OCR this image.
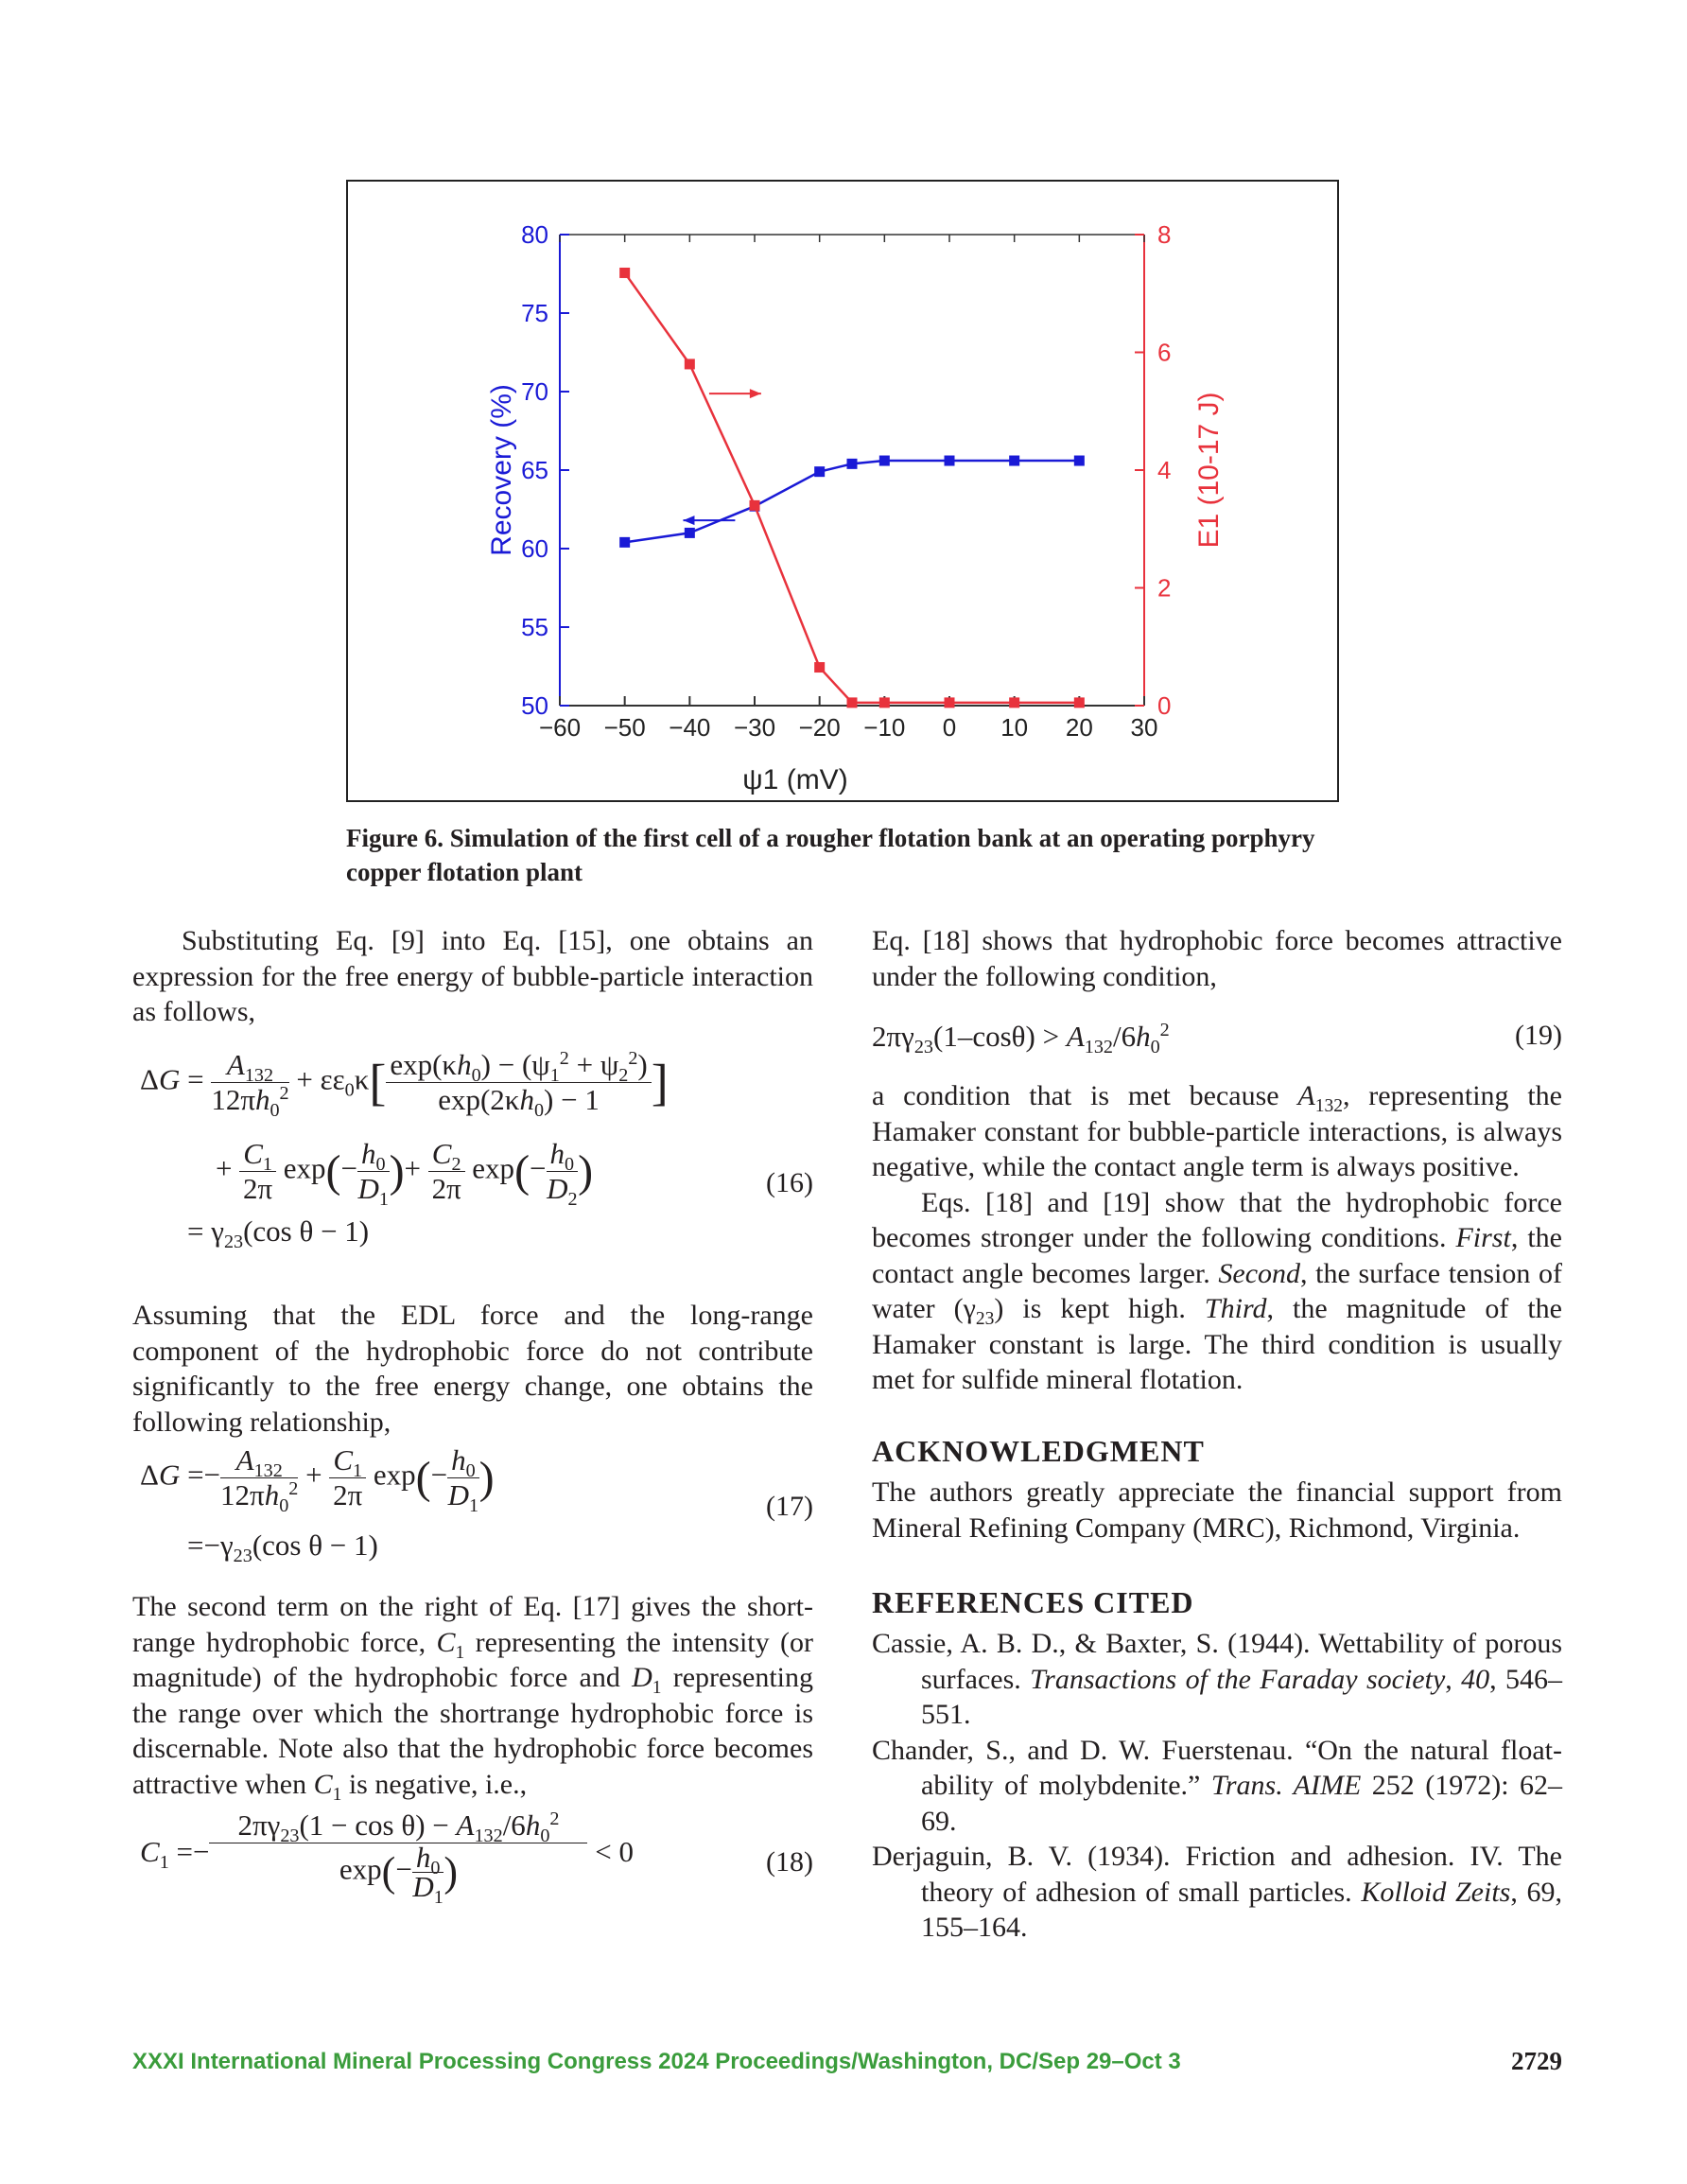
−60 −50 −40 −30 −20 −10 0 10 20 30
50
55
60
65
70
75
80
0
2
4
6
8
ψ1 (mV)
Recovery (%)	E1 (10-17 J)
Figure 6. Simulation of the first cell of a rougher flotation bank at an operating porphyry copper flotation plant

Substituting Eq. [9] into Eq. [15], one obtains an expression for the free energy of bubble-particle interaction as follows,

$\Delta G = \frac{A_{132}}{12\pi h_0^2} + \varepsilon\varepsilon_0\kappa[ \frac{\exp(\kappa h_0) - (\psi_1^2 + \psi_2^2)}{\exp(2\kappa h_0) - 1}$ ]
+ $\frac{C_1}{2\pi} \exp(- \frac{h_0}{D_1}$ )+ $\frac{C_2}{2\pi} \exp(- \frac{h_0}{D_2}$ )
= $\gamma_{23}(\cos$ θ − 1)
(16)

Assuming that the EDL force and the long-range component of the hydrophobic force do not contribute significantly to the free energy change, one obtains the following relationship,

$\Delta G =- \frac{A_{132}}{12\pi h_0^2} + \frac{C_1}{2\pi} \exp(- \frac{h_0}{D_1}$ )
$=-\gamma_{23}(\cos$ θ − 1)
(17)

The second term on the right of Eq. [17] gives the short-range hydrophobic force, $C_1$ representing the intensity (or magnitude) of the hydrophobic force and $D_1$ representing the range over which the shortrange hydrophobic force is discernable. Note also that the hydrophobic force becomes attractive when $C_1$ is negative, i.e.,

$C_1 =- \frac{2\pi\gamma_{23}(1 - \cos \theta) - A_{132}/6h_0^2}{\exp(- \frac{h_0}{D_1} )} < 0$	(18)

Eq. [18] shows that hydrophobic force becomes attractive under the following condition,

$2\pi\gamma_{23}(1-\cos\theta) > A_{132}/6h_0^2$	(19)

a condition that is met because $A_{132}$, representing the Hamaker constant for bubble-particle interactions, is always negative, while the contact angle term is always positive.

Eqs. [18] and [19] show that the hydrophobic force becomes stronger under the following conditions. First, the contact angle becomes larger. Second, the surface tension of water $(\gamma_{23})$ is kept high. Third, the magnitude of the Hamaker constant is large. The third condition is usually met for sulfide mineral flotation.

ACKNOWLEDGMENT

The authors greatly appreciate the financial support from Mineral Refining Company (MRC), Richmond, Virginia.

REFERENCES CITED

Cassie, A. B. D., & Baxter, S. (1944). Wettability of porous surfaces. Transactions of the Faraday society, 40, 546–551.

Chander, S., and D. W. Fuerstenau. “On the natural float-ability of molybdenite.” Trans. AIME 252 (1972): 62–69.

Derjaguin, B. V. (1934). Friction and adhesion. IV. The theory of adhesion of small particles. Kolloid Zeits, 69, 155–164.

XXXI International Mineral Processing Congress 2024 Proceedings/Washington, DC/Sep 29–Oct 3	2729
